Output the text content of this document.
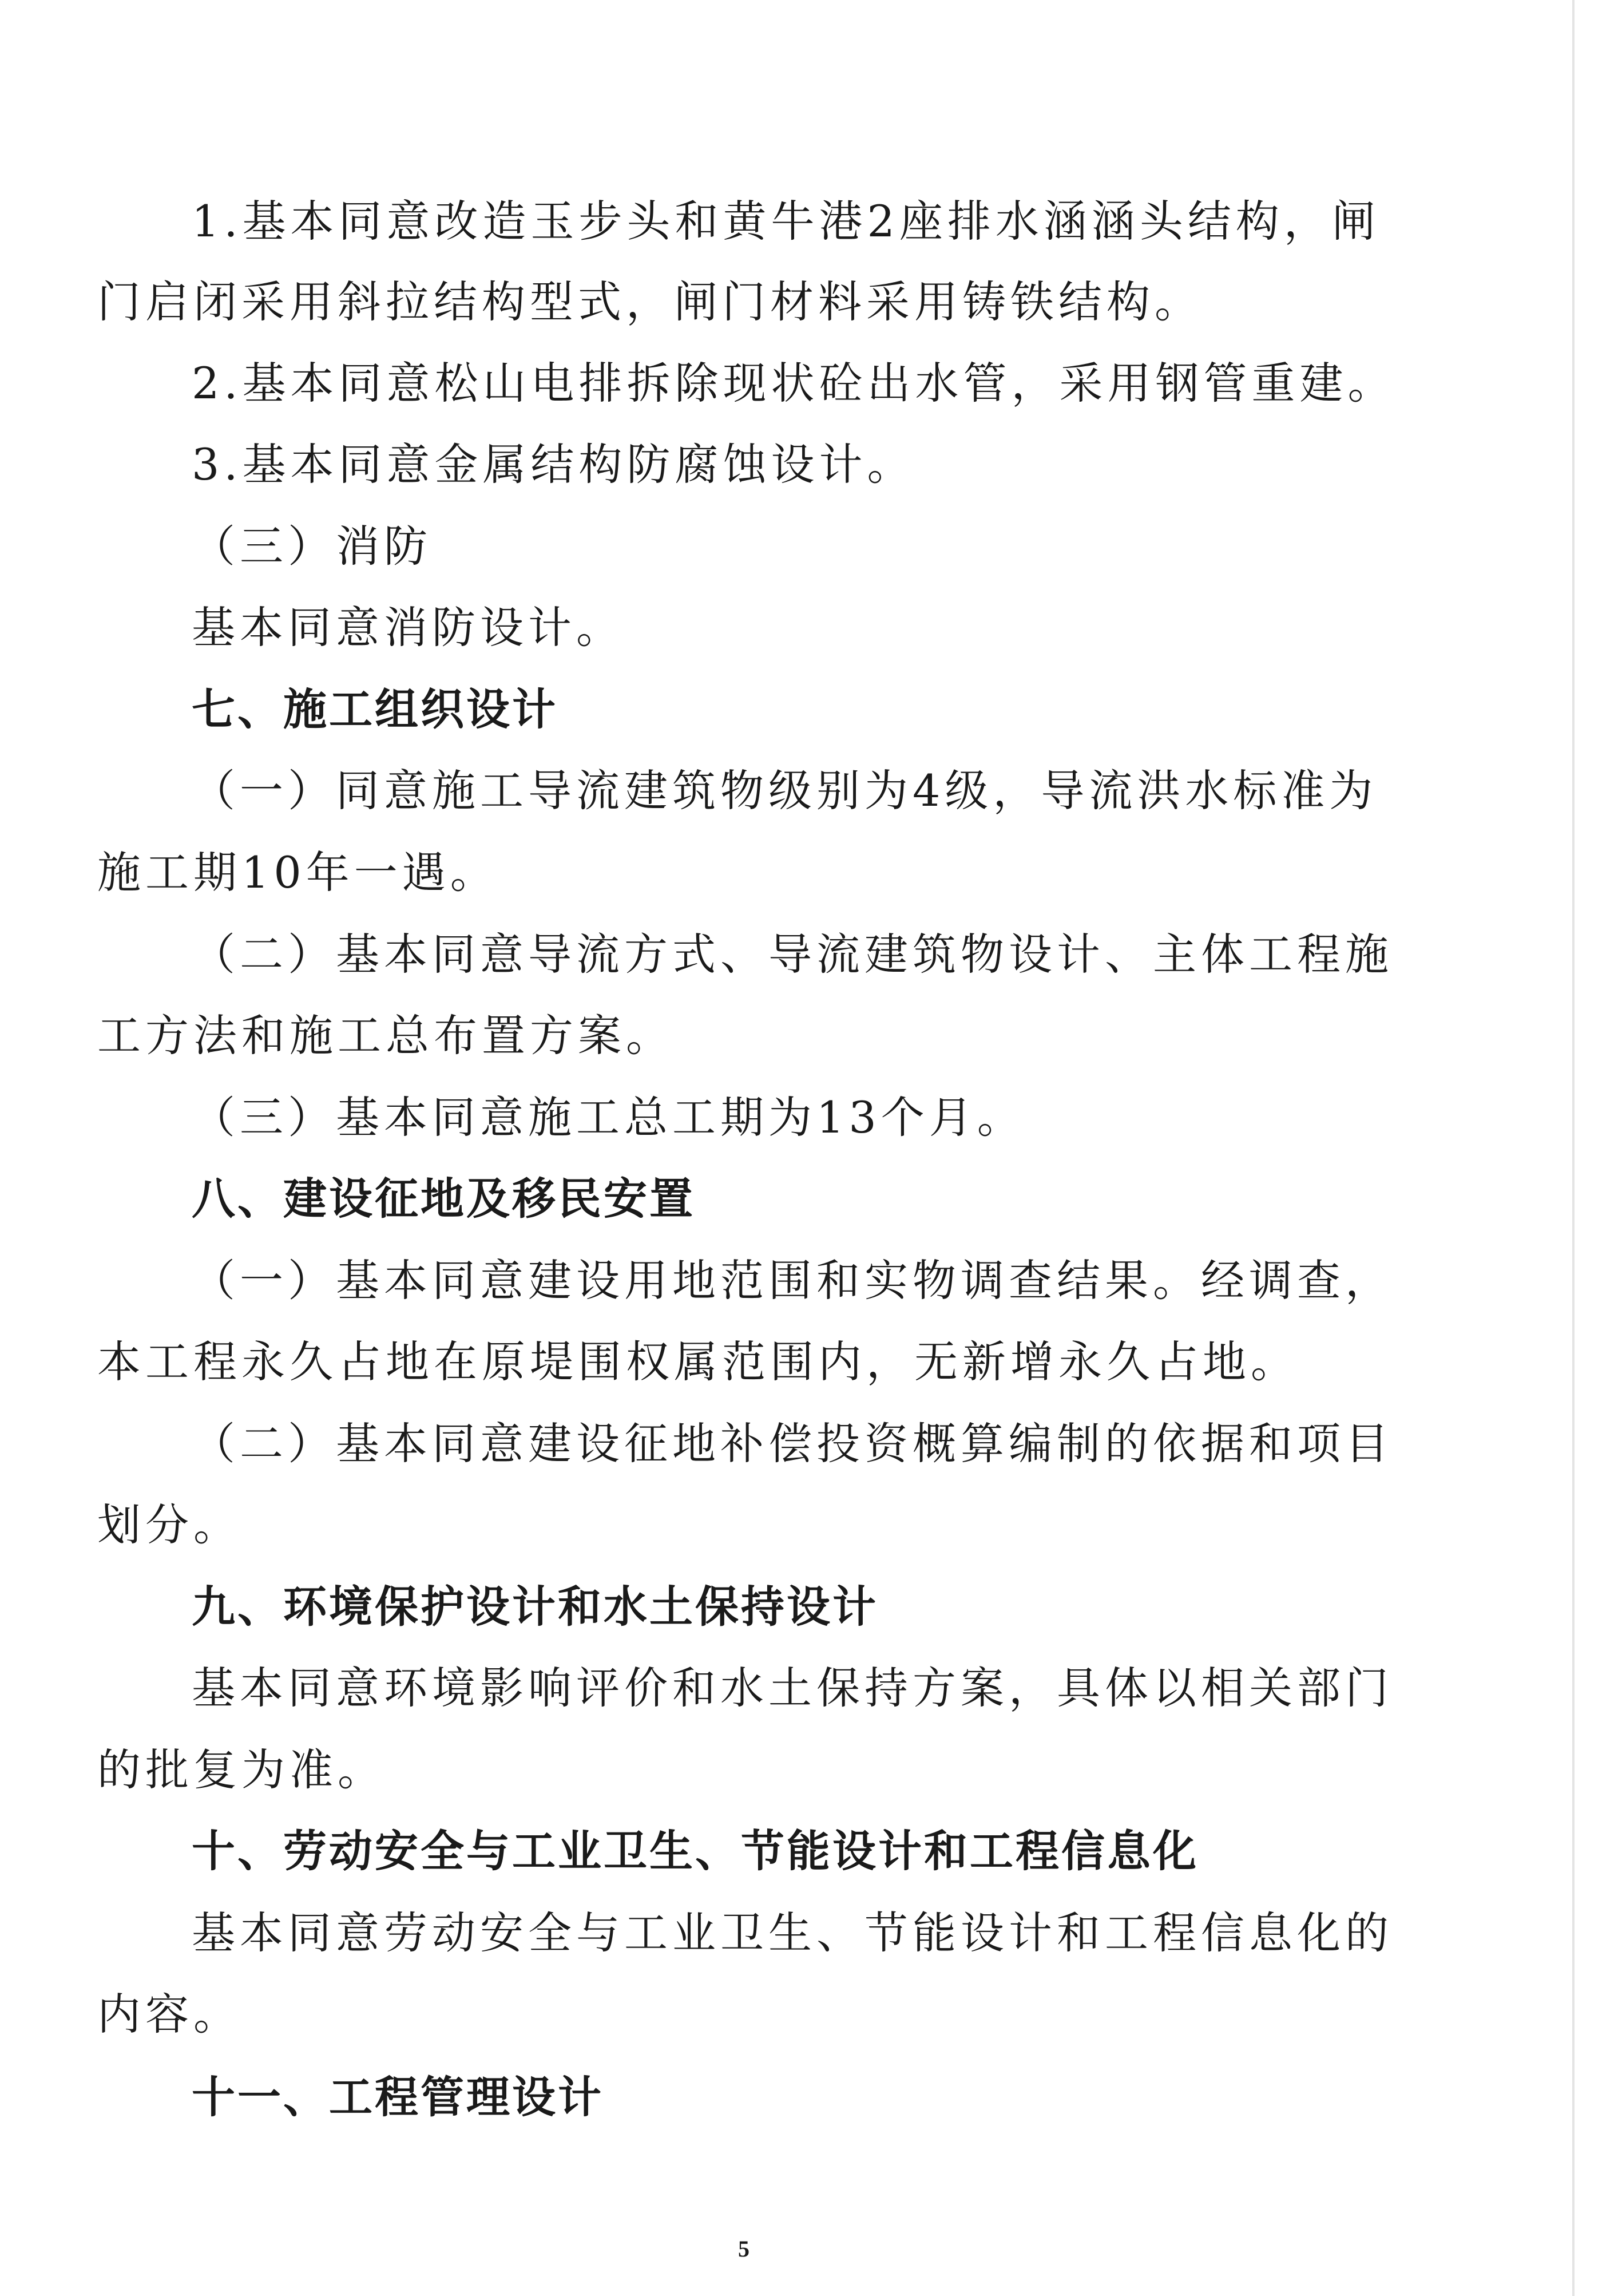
1.基本同意改造玉步头和黄牛港2座排水涵涵头结构，闸
门启闭采用斜拉结构型式，闸门材料采用铸铁结构。
2.基本同意松山电排拆除现状砼出水管，采用钢管重建。
3.基本同意金属结构防腐蚀设计。
（三）消防
基本同意消防设计。
七、施工组织设计
（一）同意施工导流建筑物级别为4级，导流洪水标准为
施工期10年一遇。
（二）基本同意导流方式、导流建筑物设计、主体工程施
工方法和施工总布置方案。
（三）基本同意施工总工期为13个月。
八、建设征地及移民安置
（一）基本同意建设用地范围和实物调查结果。经调查，
本工程永久占地在原堤围权属范围内，无新增永久占地。
（二）基本同意建设征地补偿投资概算编制的依据和项目
划分。
九、环境保护设计和水土保持设计
基本同意环境影响评价和水土保持方案，具体以相关部门
的批复为准。
十、劳动安全与工业卫生、节能设计和工程信息化
基本同意劳动安全与工业卫生、节能设计和工程信息化的
内容。
十一、工程管理设计
5
